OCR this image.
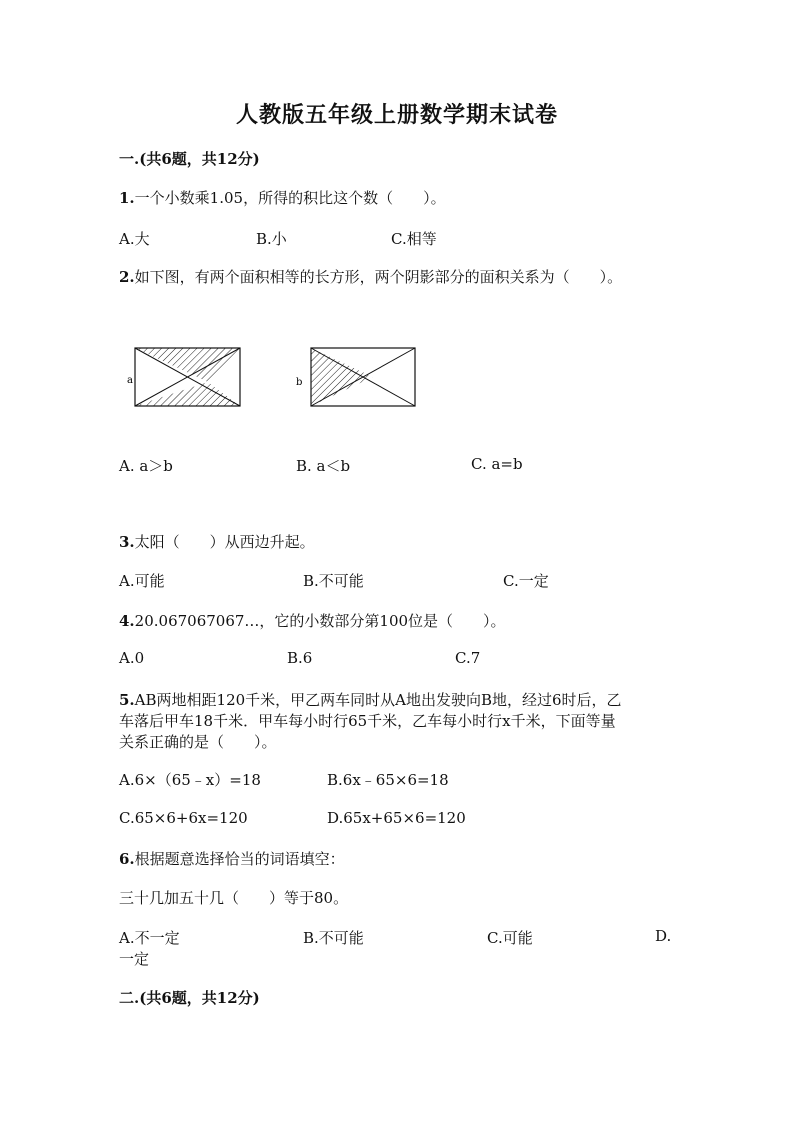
人教版五年级上册数学期末试卷
一.(共6题，共12分)
1.一个小数乘1.05，所得的积比这个数（　　）。
A.大	B.小	C.相等
2.如下图，有两个面积相等的长方形，两个阴影部分的面积关系为（　　）。
a	b
A. a＞b	B. a＜b	C. a=b
3.太阳（　　）从西边升起。
A.可能	B.不可能	C.一定
4.20.067067067…，它的小数部分第100位是（　　）。
A.0	B.6	C.7
5.AB两地相距120千米，甲乙两车同时从A地出发驶向B地，经过6时后，乙
车落后甲车18千米．甲车每小时行65千米，乙车每小时行x千米，下面等量
关系正确的是（　　）。
A.6×（65﹣x）=18	B.6x﹣65×6=18
C.65×6+6x=120	D.65x+65×6=120
6.根据题意选择恰当的词语填空：
三十几加五十几（　　）等于80。
A.不一定	B.不可能	C.可能	D.
一定
二.(共6题，共12分)
